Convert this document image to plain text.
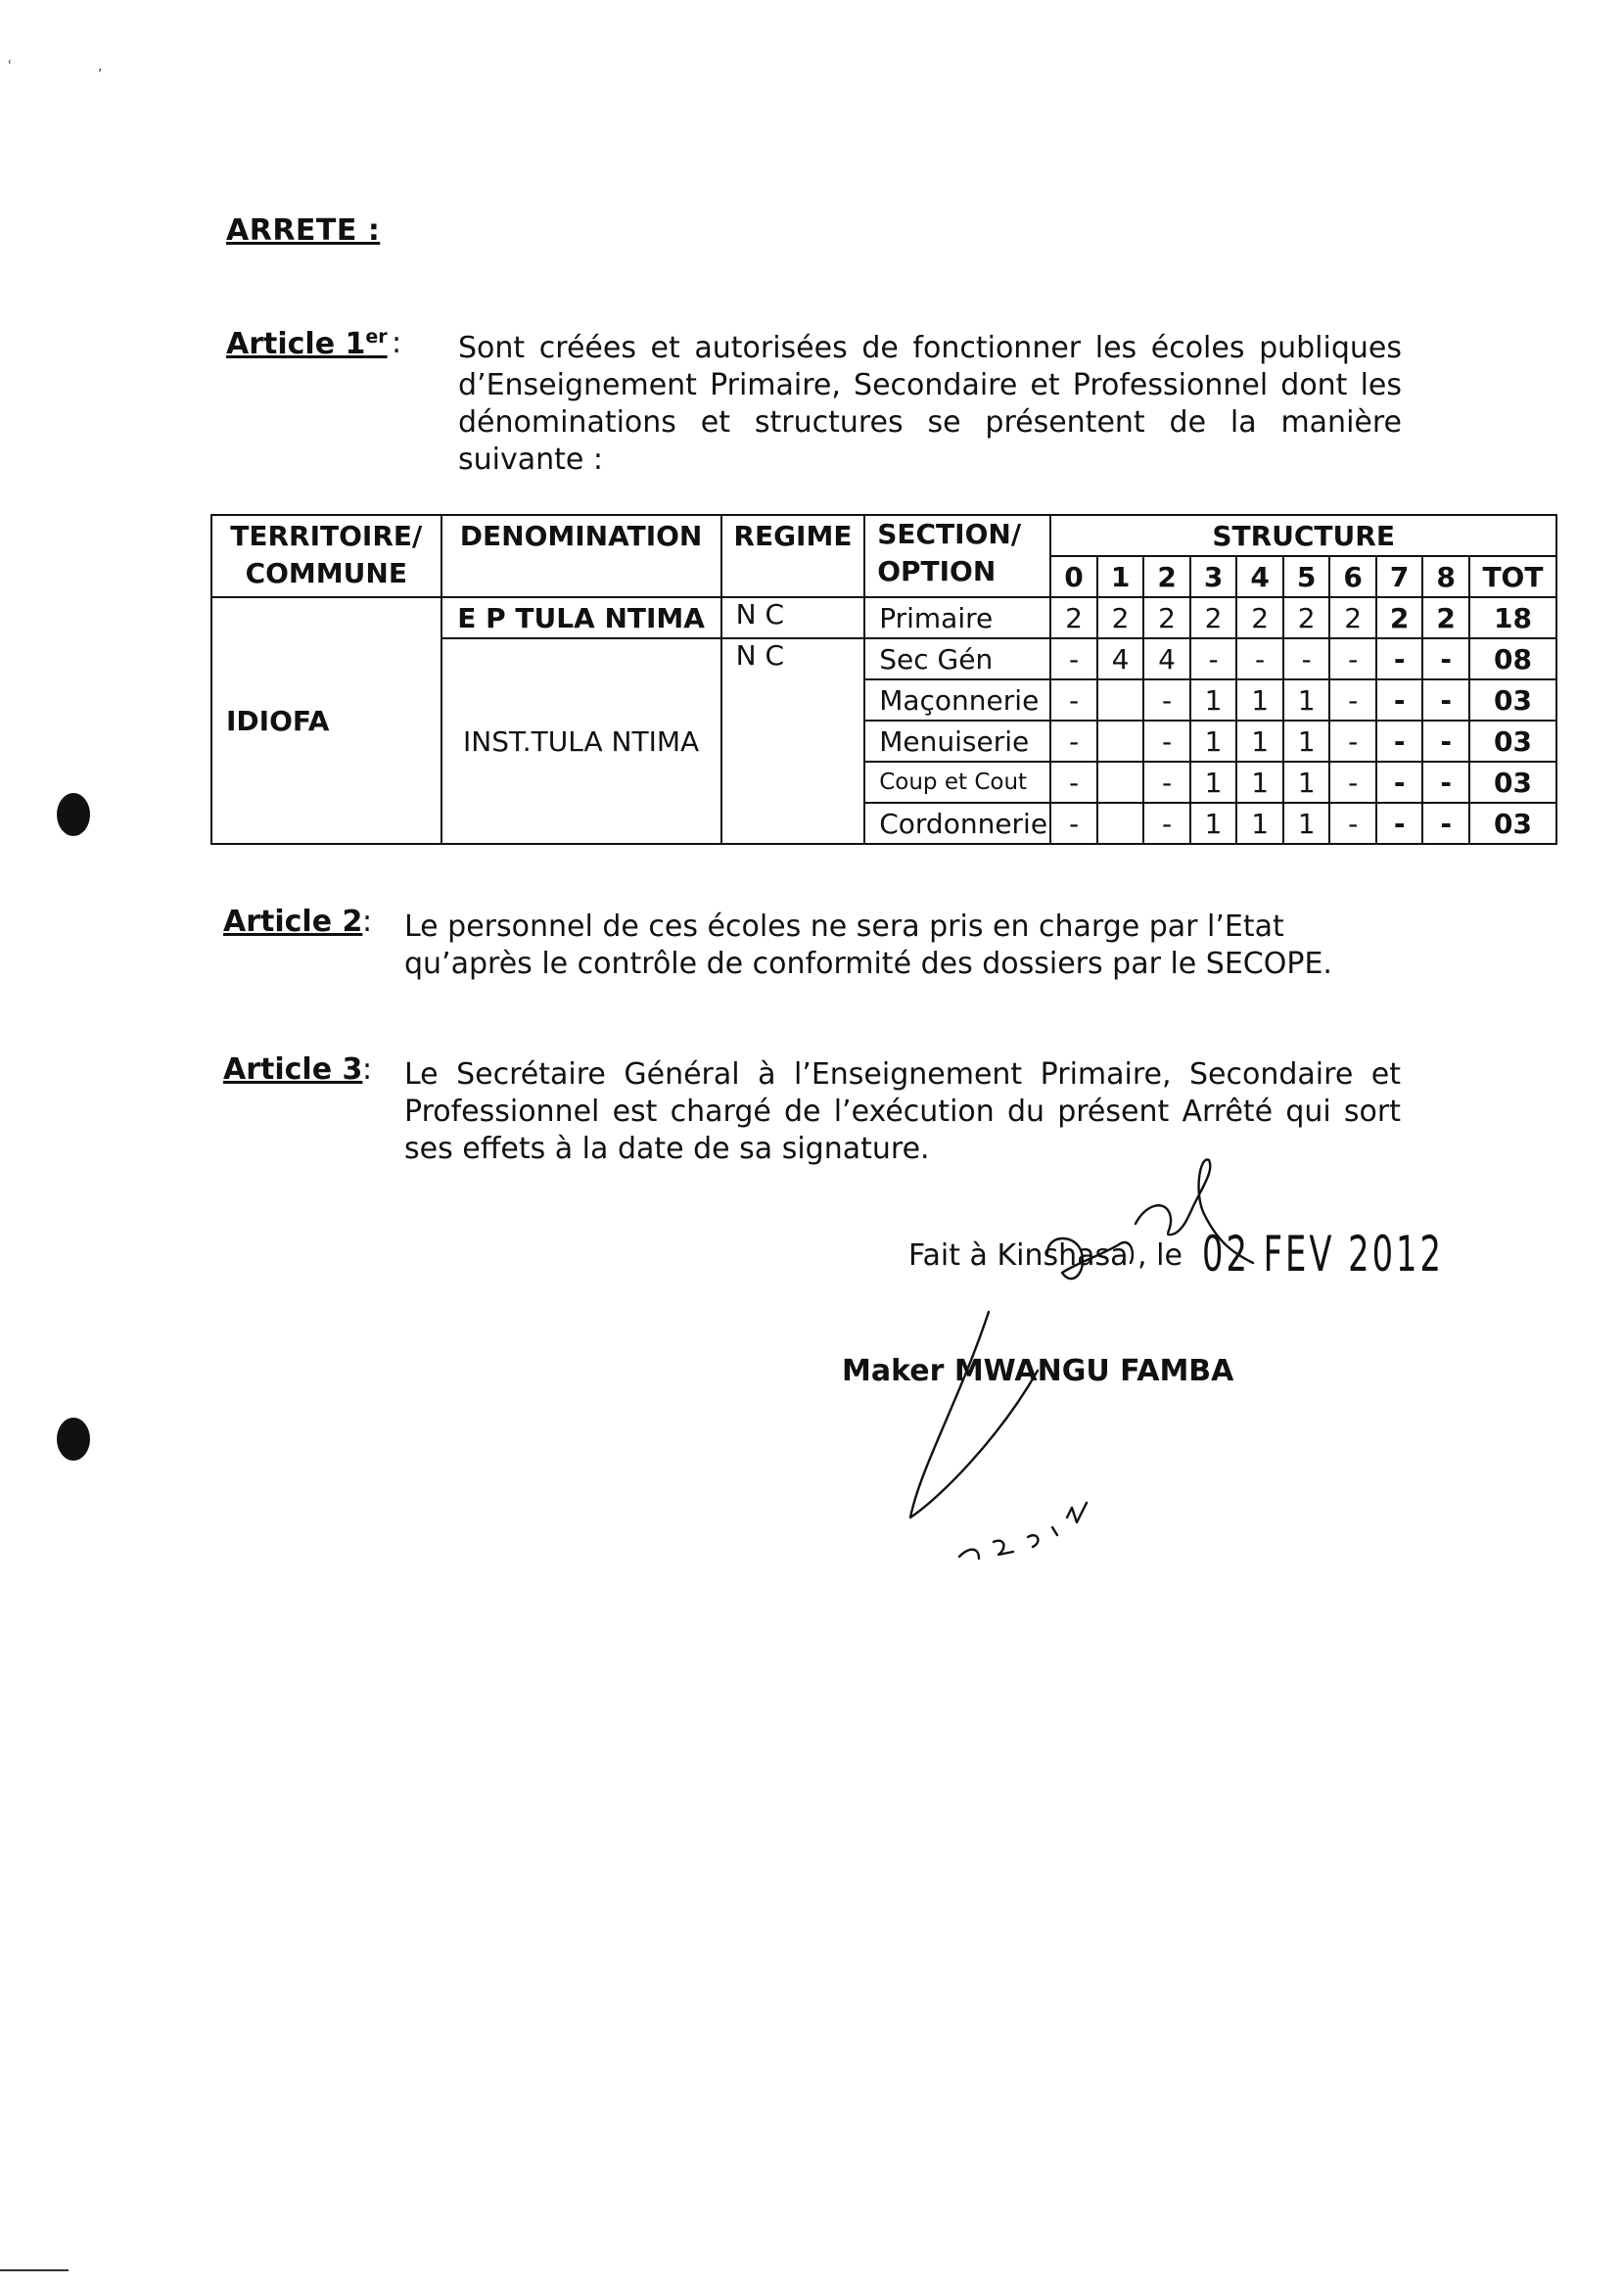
ʿ	,
ARRETE :
Article 1er : Sont créées et autorisées de fonctionner les écoles publiques d’Enseignement Primaire, Secondaire et Professionnel dont les dénominations et structures se présentent de la manière suivante :
TERRITOIRE/ COMMUNE	DENOMINATION	REGIME	SECTION/ OPTION	STRUCTURE									
				0	1	2	3	4	5	6	7	8	TOT
IDIOFA	E P TULA NTIMA	N C	Primaire	2	2	2	2	2	2	2	2	2	18
	INST.TULA NTIMA	N C	Sec Gén	-	4	4	-	-	-	-	-	-	08
			Maçonnerie	-		-	1	1	1	-	-	-	03
			Menuiserie	-		-	1	1	1	-	-	-	03
			Coup et Cout	-		-	1	1	1	-	-	-	03
			Cordonnerie	-		-	1	1	1	-	-	-	03
Article 2 : Le personnel de ces écoles ne sera pris en charge par l’Etat qu’après le contrôle de conformité des dossiers par le SECOPE.
Article 3 : Le Secrétaire Général à l’Enseignement Primaire, Secondaire et Professionnel est chargé de l’exécution du présent Arrêté qui sort ses effets à la date de sa signature.
Fait à Kinshasa , le 02 FEV 2012
Maker MWANGU FAMBA
